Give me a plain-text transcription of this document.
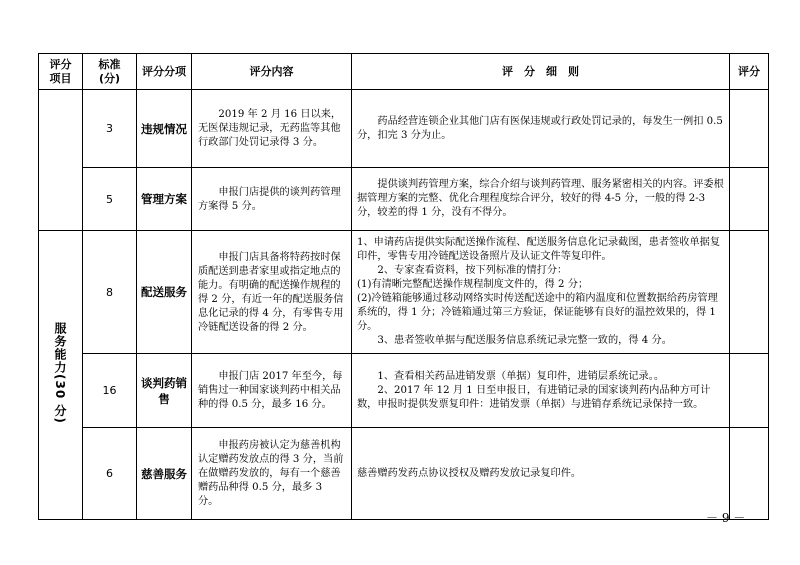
评分项目	标准(分)	评分分项	评分内容	评　分　细　则	评分
	3	违规情况	2019 年 2 月 16 日以来，无医保违规记录，无药监等其他行政部门处罚记录得 3 分。	药品经营连锁企业其他门店有医保违规或行政处罚记录的，每发生一例扣 0.5 分，扣完 3 分为止。	

	5	管理方案	申报门店提供的谈判药管理方案得 5 分。	提供谈判药管理方案，综合介绍与谈判药管理、服务紧密相关的内容。评委根据管理方案的完整、优化合理程度综合评分，较好的得 4-5 分，一般的得 2-3 分，较差的得 1 分，没有不得分。	

服务能力(30 分)	8	配送服务	申报门店具备将特药按时保质配送到患者家里或指定地点的能力。有明确的配送操作规程的得 2 分，有近一年的配送服务信息化记录的得 4 分，有零售专用冷链配送设备的得 2 分。	1、申请药店提供实际配送操作流程、配送服务信息化记录截图，患者签收单据复印件，零售专用冷链配送设备照片及认证文件等复印件。

2、专家查看资料，按下列标准的情打分：

(1)有清晰完整配送操作规程制度文件的，得 2 分；

(2)冷链箱能够通过移动网络实时传送配送途中的箱内温度和位置数据给药房管理系统的，得 1 分；冷链箱通过第三方验证，保证能够有良好的温控效果的，得 1 分。

3、患者签收单据与配送服务信息系统记录完整一致的，得 4 分。	

	16	谈判药销售	申报门店 2017 年至今，每销售过一种国家谈判药中相关品种的得 0.5 分，最多 16 分。	1、查看相关药品进销发票（单据）复印件，进销层系统记录。。

2、2017 年 12 月 1 日至申报日，有进销记录的国家谈判药内品种方可计数，申报时提供发票复印件：进销发票（单据）与进销存系统记录保持一致。	

	6	慈善服务	申报药房被认定为慈善机构认定赠药发放点的得 3 分，当前在做赠药发放的，每有一个慈善赠药品种得 0.5 分，最多 3 分。	慈善赠药发药点协议授权及赠药发放记录复印件。	

－ 9 －
